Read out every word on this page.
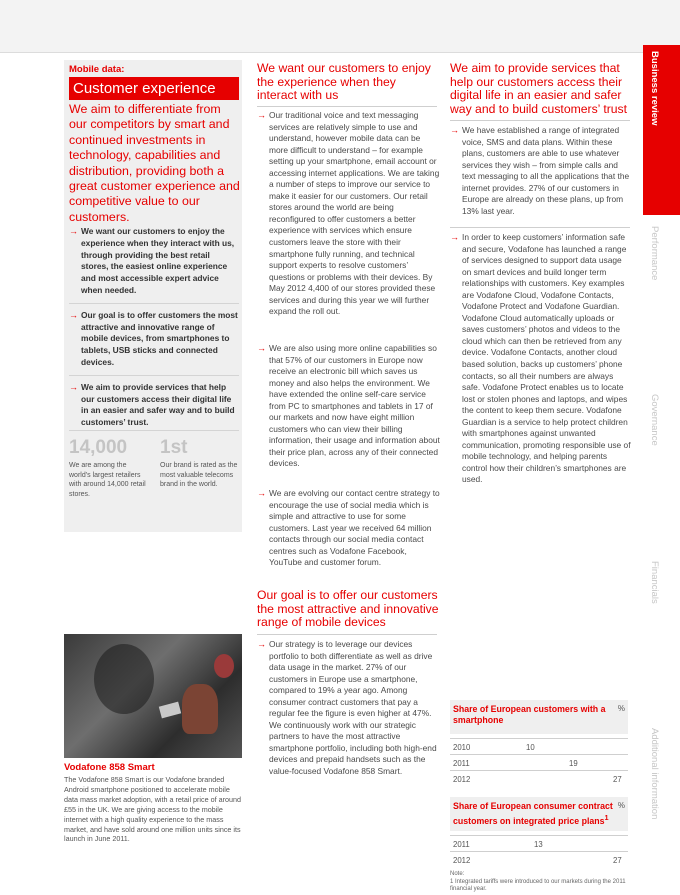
Mobile data:
Customer experience
We aim to differentiate from our competitors by smart and continued investments in technology, capabilities and distribution, providing both a great customer experience and competitive value to our customers.
→ We want our customers to enjoy the experience when they interact with us, through providing the best retail stores, the easiest online experience and most accessible expert advice when needed.
→ Our goal is to offer customers the most attractive and innovative range of mobile devices, from smartphones to tablets, USB sticks and connected devices.
→ We aim to provide services that help our customers access their digital life in an easier and safer way and to build customers’ trust.
14,000
We are among the world’s largest retailers with around 14,000 retail stores.
1st
Our brand is rated as the most valuable telecoms brand in the world.
Vodafone 858 Smart
The Vodafone 858 Smart is our Vodafone branded Android smartphone positioned to accelerate mobile data mass market adoption, with a retail price of around £55 in the UK. We are giving access to the mobile internet with a high quality experience to the mass market, and have sold around one million units since its launch in June 2011.
We want our customers to enjoy the experience when they interact with us
→ Our traditional voice and text messaging services are relatively simple to use and understand, however mobile data can be more difficult to understand – for example setting up your smartphone, email account or accessing internet applications. We are taking a number of steps to improve our service to make it easier for our customers. Our retail stores around the world are being reconfigured to offer customers a better experience with services which ensure customers leave the store with their smartphone fully running, and technical support experts to resolve customers’ questions or problems with their devices. By May 2012 4,400 of our stores provided these services and during this year we will further expand the roll out.
→ We are also using more online capabilities so that 57% of our customers in Europe now receive an electronic bill which saves us money and also helps the environment. We have extended the online self-care service from PC to smartphones and tablets in 17 of our markets and now have eight million customers who can view their billing information, their usage and information about their price plan, across any of their connected devices.
→ We are evolving our contact centre strategy to encourage the use of social media which is simple and attractive to use for some customers. Last year we received 64 million contacts through our social media contact centres such as Vodafone Facebook, YouTube and customer forum.
Our goal is to offer our customers the most attractive and innovative range of mobile devices
→ Our strategy is to leverage our devices portfolio to both differentiate as well as drive data usage in the market. 27% of our customers in Europe use a smartphone, compared to 19% a year ago. Among consumer contract customers that pay a regular fee the figure is even higher at 47%. We continuously work with our strategic partners to have the most attractive smartphone portfolio, including both high-end devices and prepaid handsets such as the value-focused Vodafone 858 Smart.
We aim to provide services that help our customers access their digital life in an easier and safer way and to build customers’ trust
→ We have established a range of integrated voice, SMS and data plans. Within these plans, customers are able to use whatever services they wish – from simple calls and text messaging to all the applications that the internet provides. 27% of our customers in Europe are already on these plans, up from 13% last year.
→ In order to keep customers’ information safe and secure, Vodafone has launched a range of services designed to support data usage on smart devices and build longer term relationships with customers. Key examples are Vodafone Cloud, Vodafone Contacts, Vodafone Protect and Vodafone Guardian. Vodafone Cloud automatically uploads or saves customers’ photos and videos to the cloud which can then be retrieved from any device. Vodafone Contacts, another cloud based solution, backs up customers’ phone contacts, so all their numbers are always safe. Vodafone Protect enables us to locate lost or stolen phones and laptops, and wipes the content to keep them secure. Vodafone Guardian is a service to help protect children with smartphones against unwanted communication, promoting responsible use of mobile technology, and helping parents control how their children’s smartphones are used.
Business review
Performance
Governance
Financials
Additional information
Share of European customers with a smartphone
%
2010	10
2011	19
2012	27
Share of European consumer contract customers on integrated price plans$^1$
%
2011	13
2012	27
Note:
1 Integrated tariffs were introduced to our markets during the 2011 financial year.
